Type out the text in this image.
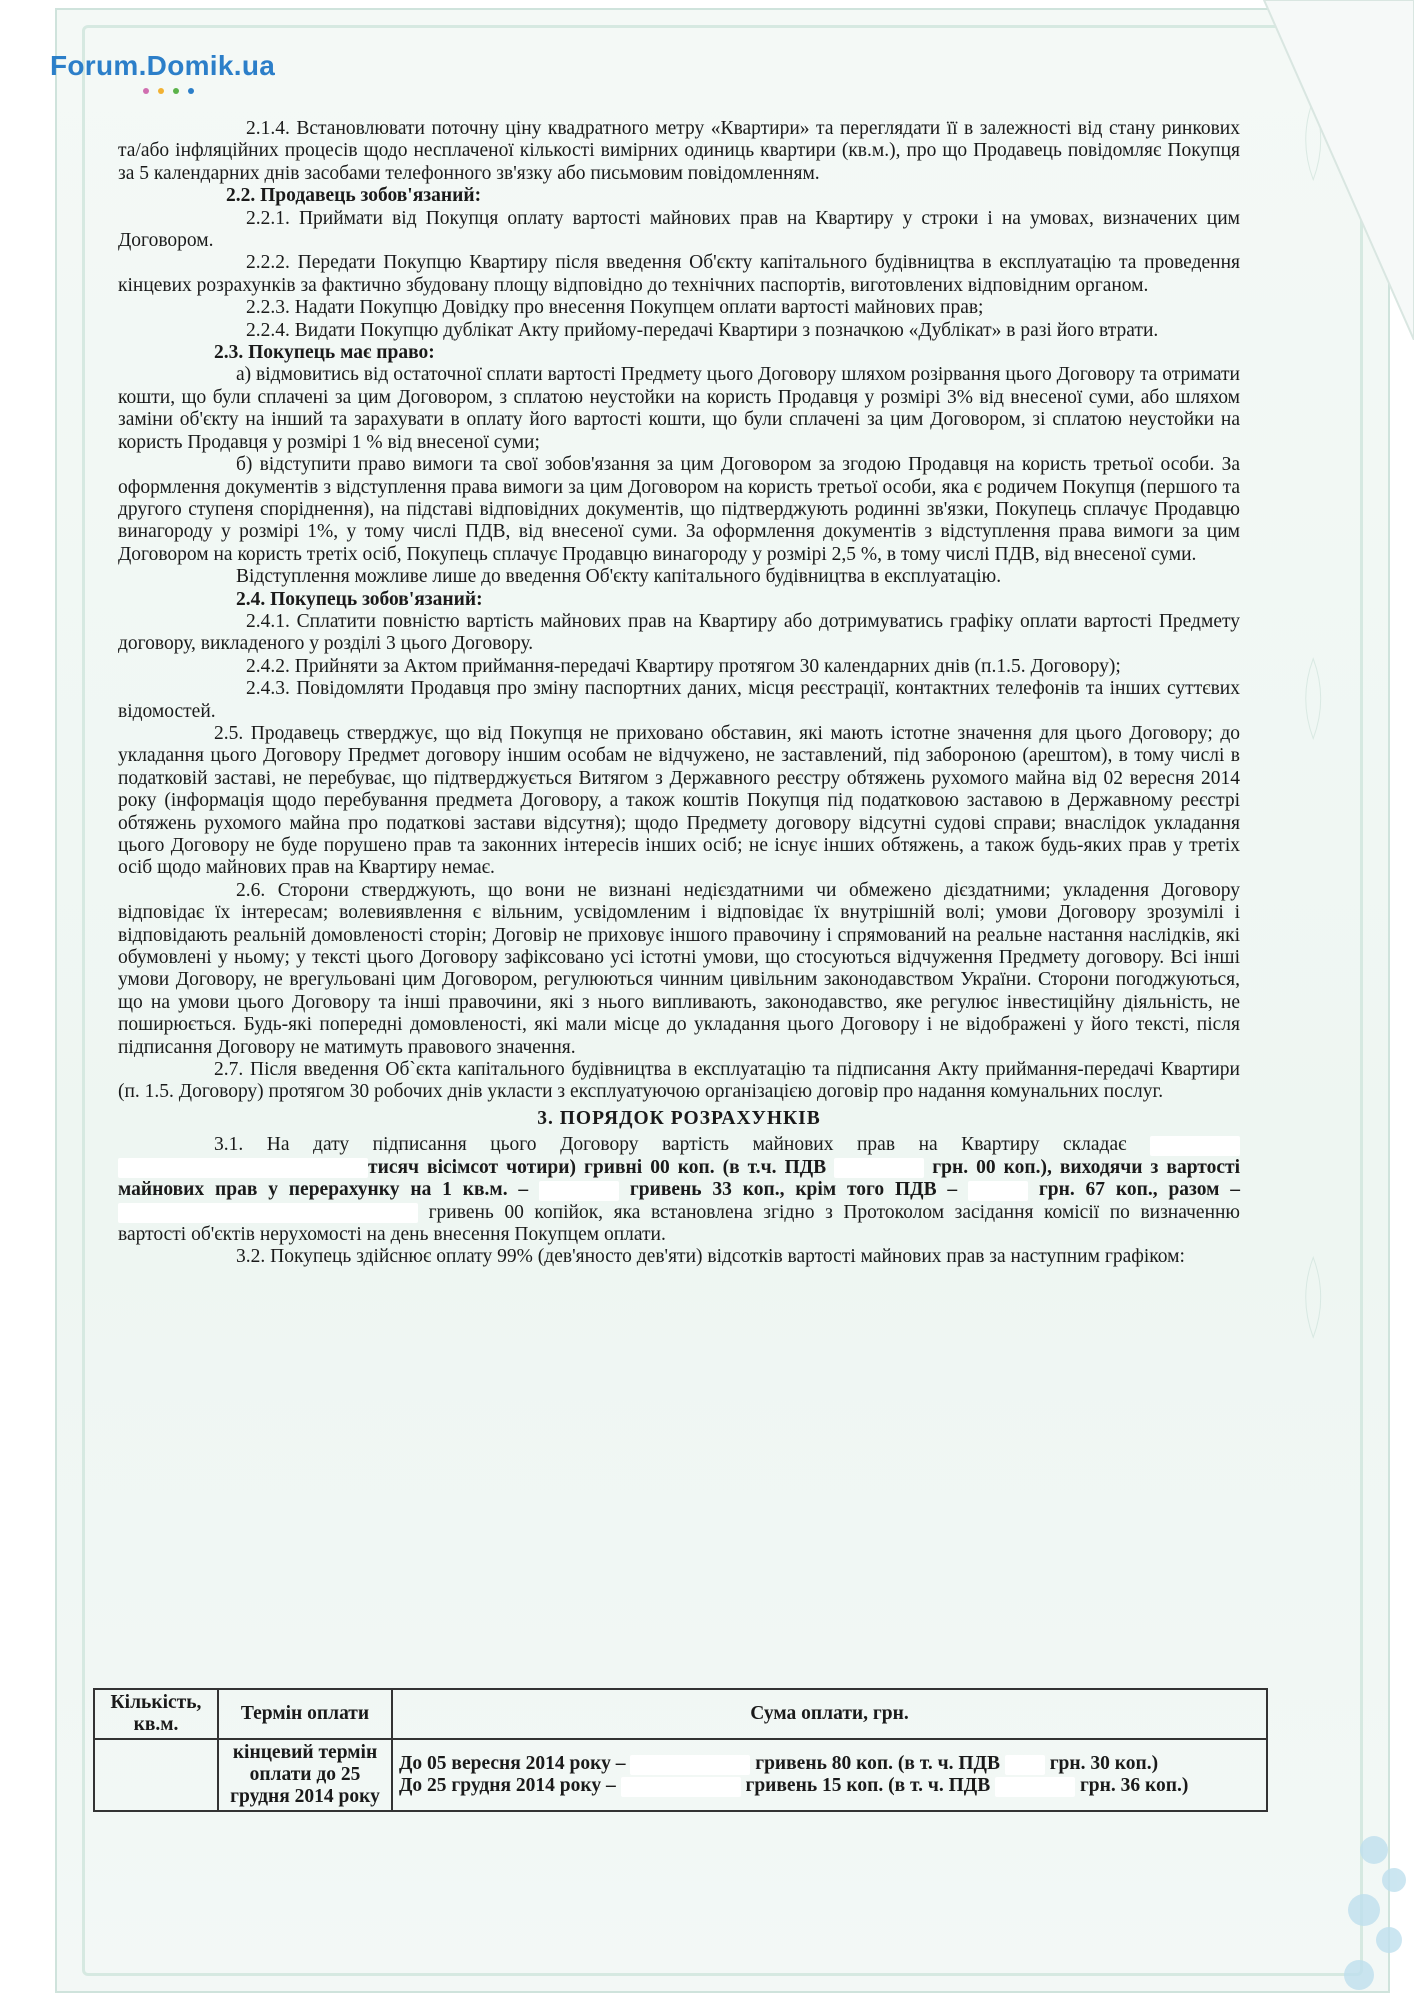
Forum.Domik.ua

2.1.4. Встановлювати поточну ціну квадратного метру «Квартири» та переглядати її в залежності від стану ринкових та/або інфляційних процесів щодо несплаченої кількості вимірних одиниць квартири (кв.м.), про що Продавець повідомляє Покупця за 5 календарних днів засобами телефонного зв'язку або письмовим повідомленням.

2.2. Продавець зобов'язаний:

2.2.1. Приймати від Покупця оплату вартості майнових прав на Квартиру у строки і на умовах, визначених цим Договором.

2.2.2. Передати Покупцю Квартиру після введення Об'єкту капітального будівництва в експлуатацію та проведення кінцевих розрахунків за фактично збудовану площу відповідно до технічних паспортів, виготовлених відповідним органом.

2.2.3. Надати Покупцю Довідку про внесення Покупцем оплати вартості майнових прав;

2.2.4. Видати Покупцю дублікат Акту прийому-передачі Квартири з позначкою «Дублікат» в разі його втрати.

2.3. Покупець має право:

а) відмовитись від остаточної сплати вартості Предмету цього Договору шляхом розірвання цього Договору та отримати кошти, що були сплачені за цим Договором, з сплатою неустойки на користь Продавця у розмірі 3% від внесеної суми, або шляхом заміни об'єкту на інший та зарахувати в оплату його вартості кошти, що були сплачені за цим Договором, зі сплатою неустойки на користь Продавця у розмірі 1 % від внесеної суми;

б) відступити право вимоги та свої зобов'язання за цим Договором за згодою Продавця на користь третьої особи. За оформлення документів з відступлення права вимоги за цим Договором на користь третьої особи, яка є родичем Покупця (першого та другого ступеня споріднення), на підставі відповідних документів, що підтверджують родинні зв'язки, Покупець сплачує Продавцю винагороду у розмірі 1%, у тому числі ПДВ, від внесеної суми. За оформлення документів з відступлення права вимоги за цим Договором на користь третіх осіб, Покупець сплачує Продавцю винагороду у розмірі 2,5 %, в тому числі ПДВ, від внесеної суми.

Відступлення можливе лише до введення Об'єкту капітального будівництва в експлуатацію.

2.4. Покупець зобов'язаний:

2.4.1. Сплатити повністю вартість майнових прав на Квартиру або дотримуватись графіку оплати вартості Предмету договору, викладеного у розділі 3 цього Договору.

2.4.2. Прийняти за Актом приймання-передачі Квартиру протягом 30 календарних днів (п.1.5. Договору);

2.4.3. Повідомляти Продавця про зміну паспортних даних, місця реєстрації, контактних телефонів та інших суттєвих відомостей.

2.5. Продавець стверджує, що від Покупця не приховано обставин, які мають істотне значення для цього Договору; до укладання цього Договору Предмет договору іншим особам не відчужено, не заставлений, під забороною (арештом), в тому числі в податковій заставі, не перебуває, що підтверджується Витягом з Державного реєстру обтяжень рухомого майна від 02 вересня 2014 року (інформація щодо перебування предмета Договору, а також коштів Покупця під податковою заставою в Державному реєстрі обтяжень рухомого майна про податкові застави відсутня); щодо Предмету договору відсутні судові справи; внаслідок укладання цього Договору не буде порушено прав та законних інтересів інших осіб; не існує інших обтяжень, а також будь-яких прав у третіх осіб щодо майнових прав на Квартиру немає.

2.6. Сторони стверджують, що вони не визнані недієздатними чи обмежено дієздатними; укладення Договору відповідає їх інтересам; волевиявлення є вільним, усвідомленим і відповідає їх внутрішній волі; умови Договору зрозумілі і відповідають реальній домовленості сторін; Договір не приховує іншого правочину і спрямований на реальне настання наслідків, які обумовлені у ньому; у тексті цього Договору зафіксовано усі істотні умови, що стосуються відчуження Предмету договору. Всі інші умови Договору, не врегульовані цим Договором, регулюються чинним цивільним законодавством України. Сторони погоджуються, що на умови цього Договору та інші правочини, які з нього випливають, законодавство, яке регулює інвестиційну діяльність, не поширюється. Будь-які попередні домовленості, які мали місце до укладання цього Договору і не відображені у його тексті, після підписання Договору не матимуть правового значення.

2.7. Після введення Об`єкта капітального будівництва в експлуатацію та підписання Акту приймання-передачі Квартири (п. 1.5. Договору) протягом 30 робочих днів укласти з експлуатуючою організацією договір про надання комунальних послуг.

3. ПОРЯДОК РОЗРАХУНКІВ

3.1. На дату підписання цього Договору вартість майнових прав на Квартиру складає  тисяч вісімсот чотири) гривні 00 коп. (в т.ч. ПДВ	грн. 00 коп.), виходячи з вартості майнових прав у перерахунку на 1 кв.м. –	гривень 33 коп., крім того ПДВ –	грн. 67 коп., разом –  гривень 00 копійок, яка встановлена згідно з Протоколом засідання комісії по визначенню вартості об'єктів нерухомості на день внесення Покупцем оплати.

3.2. Покупець здійснює оплату 99% (дев'яносто дев'яти) відсотків вартості майнових прав за наступним графіком:

Кількість, кв.м.	Термін оплати	Сума оплати, грн.
	кінцевий термін оплати до 25 грудня 2014 року	До 05 вересня 2014 року – гривень 80 коп. (в т. ч. ПДВ грн. 30 коп.)
До 25 грудня 2014 року – гривень 15 коп. (в т. ч. ПДВ грн. 36 коп.)
